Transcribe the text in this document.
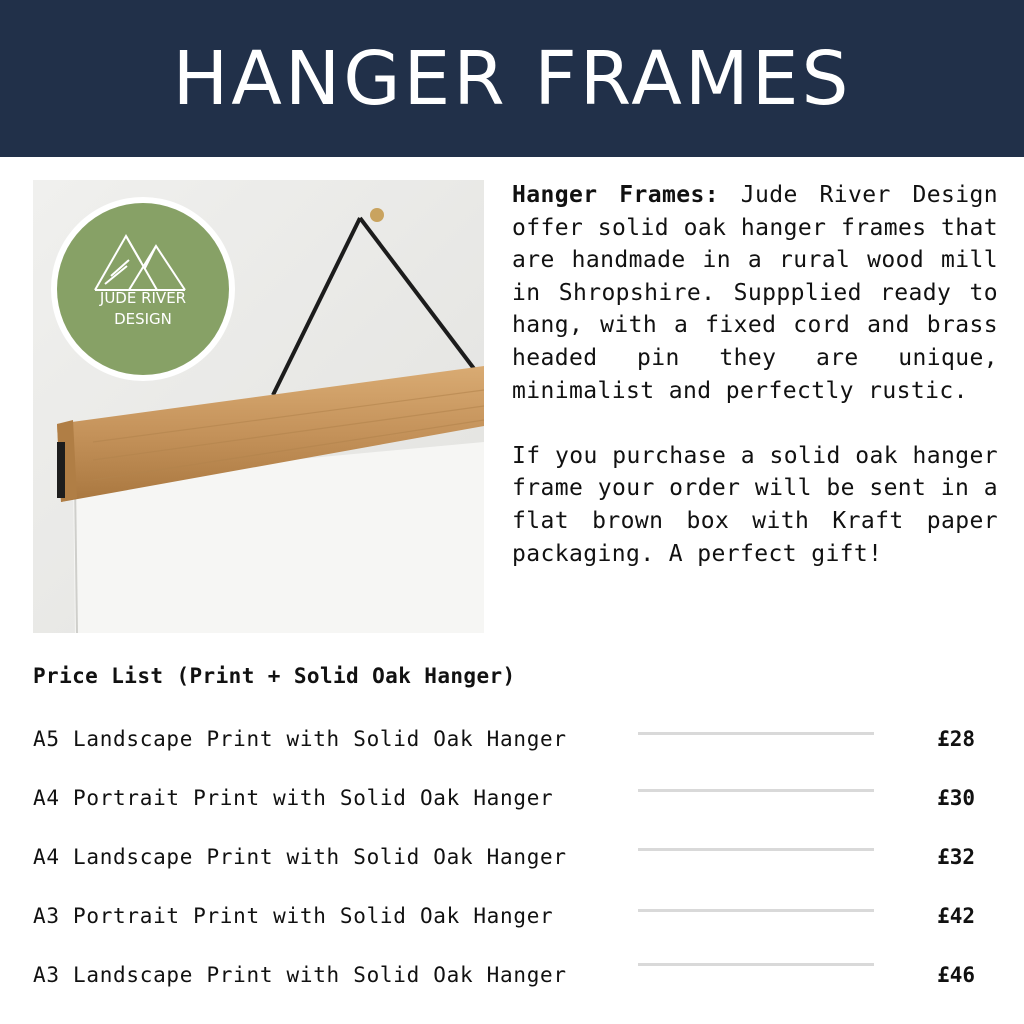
HANGER FRAMES
JUDE RIVER
DESIGN

Hanger Frames: Jude River Design offer solid oak hanger frames that are handmade in a rural wood mill in Shropshire. Suppplied ready to hang, with a fixed cord and brass headed pin they are unique, minimalist and perfectly rustic.

If you purchase a solid oak hanger frame your order will be sent in a flat brown box with Kraft paper packaging. A perfect gift!

Price List (Print + Solid Oak Hanger)
A5 Landscape Print with Solid Oak Hanger	£28
A4 Portrait Print with Solid Oak Hanger	£30
A4 Landscape Print with Solid Oak Hanger	£32
A3 Portrait Print with Solid Oak Hanger	£42
A3 Landscape Print with Solid Oak Hanger	£46
